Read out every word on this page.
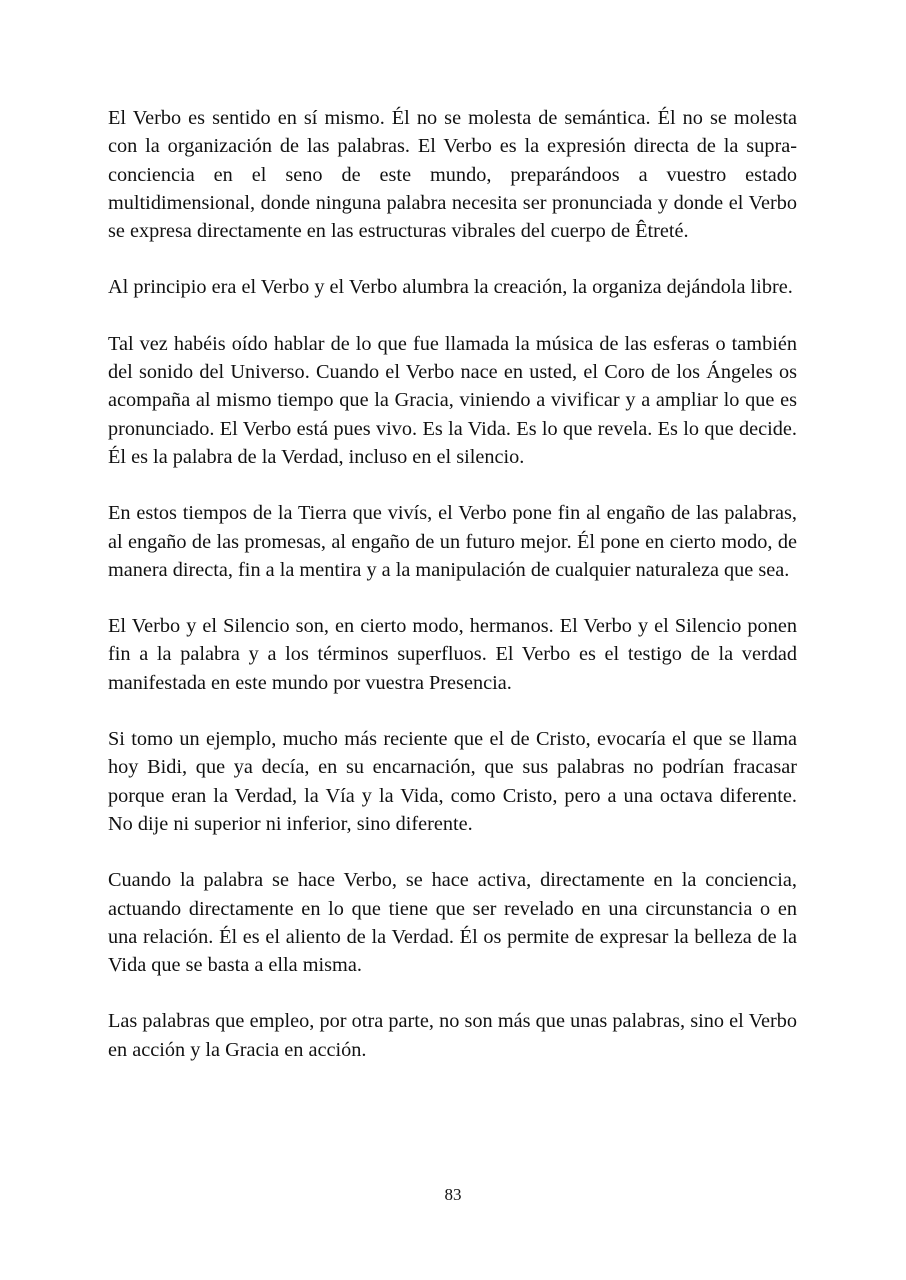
El Verbo es sentido en sí mismo. Él no se molesta de semántica. Él no se molesta con la organización de las palabras. El Verbo es la expresión directa de la supra-conciencia en el seno de este mundo, preparándoos a vuestro estado multidimensional, donde ninguna palabra necesita ser pronunciada y donde el Verbo se expresa directamente en las estructuras vibrales del cuerpo de Êtreté.

Al principio era el Verbo y el Verbo alumbra la creación, la organiza dejándola libre.

Tal vez habéis oído hablar de lo que fue llamada la música de las esferas o también del sonido del Universo. Cuando el Verbo nace en usted, el Coro de los Ángeles os acompaña al mismo tiempo que la Gracia, viniendo a vivificar y a ampliar lo que es pronunciado. El Verbo está pues vivo. Es la Vida. Es lo que revela. Es lo que decide. Él es la palabra de la Verdad, incluso en el silencio.

En estos tiempos de la Tierra que vivís, el Verbo pone fin al engaño de las palabras, al engaño de las promesas, al engaño de un futuro mejor. Él pone en cierto modo, de manera directa, fin a la mentira y a la manipulación de cualquier naturaleza que sea.

El Verbo y el Silencio son, en cierto modo, hermanos. El Verbo y el Silencio ponen fin a la palabra y a los términos superfluos. El Verbo es el testigo de la verdad manifestada en este mundo por vuestra Presencia.

Si tomo un ejemplo, mucho más reciente que el de Cristo, evocaría el que se llama hoy Bidi, que ya decía, en su encarnación, que sus palabras no podrían fracasar porque eran la Verdad, la Vía y la Vida, como Cristo, pero a una octava diferente. No dije ni superior ni inferior, sino diferente.

Cuando la palabra se hace Verbo, se hace activa, directamente en la conciencia, actuando directamente en lo que tiene que ser revelado en una circunstancia o en una relación. Él es el aliento de la Verdad. Él os permite de expresar la belleza de la Vida que se basta a ella misma.

Las palabras que empleo, por otra parte, no son más que unas palabras, sino el Verbo en acción y la Gracia en acción.

83
